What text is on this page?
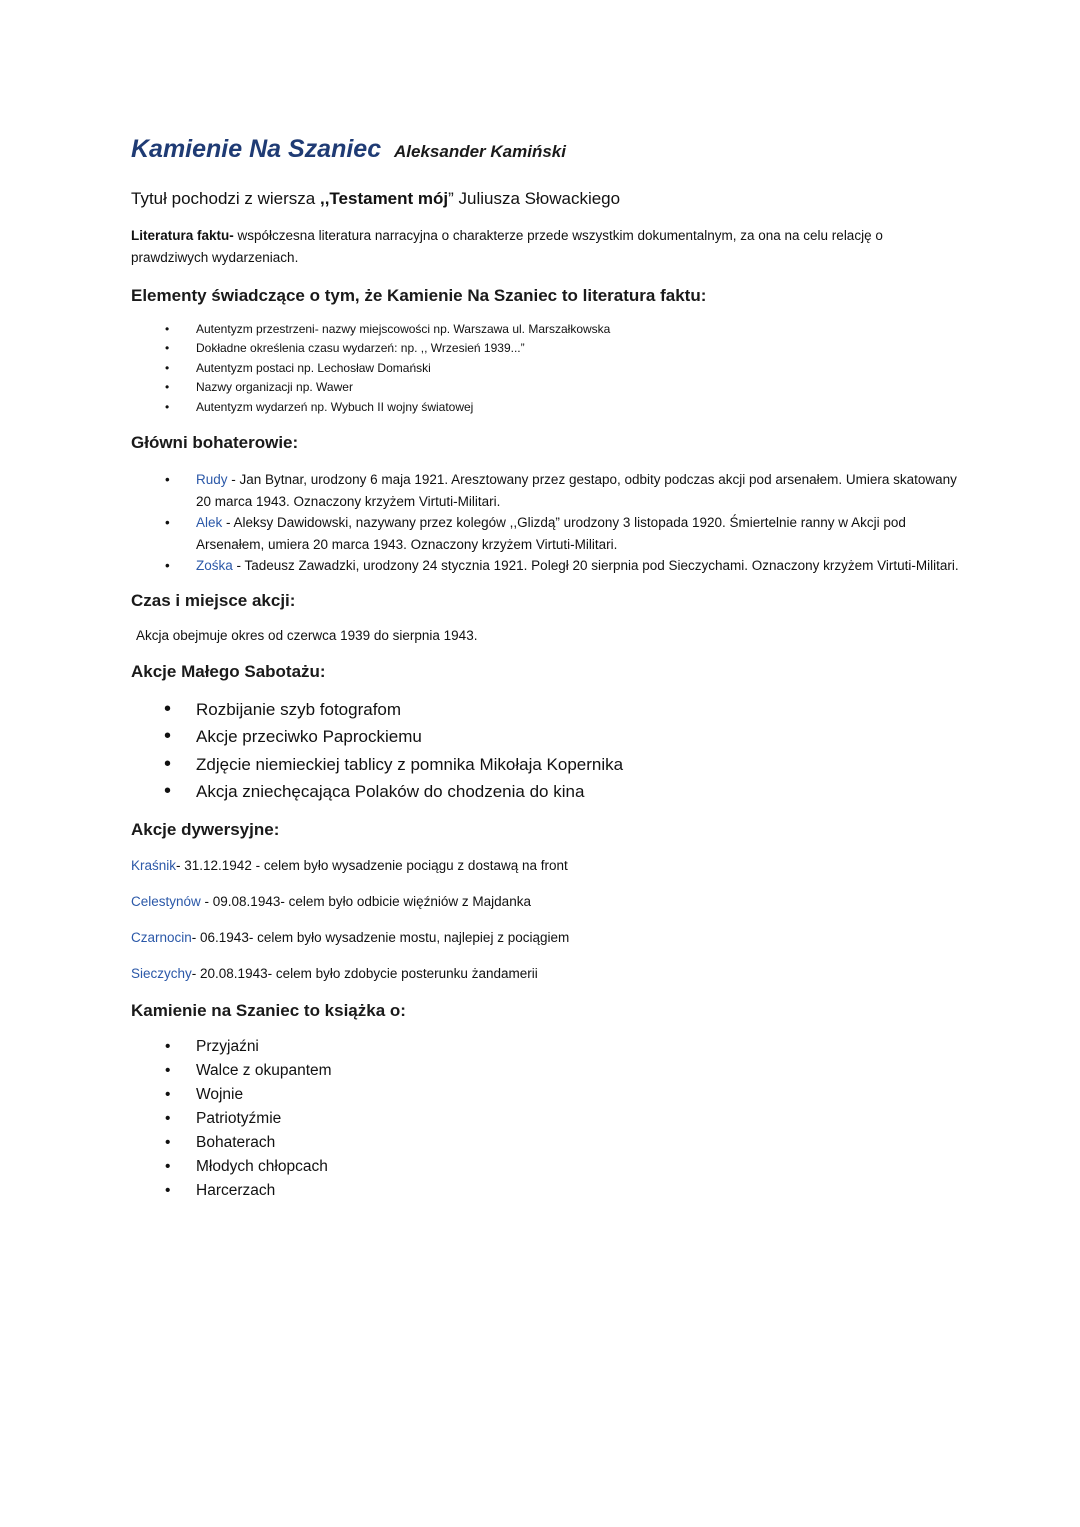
Kamienie Na Szaniec Aleksander Kamiński
Tytuł pochodzi z wiersza ,,Testament mój” Juliusza Słowackiego
Literatura faktu- współczesna literatura narracyjna o charakterze przede wszystkim dokumentalnym, za ona na celu relację o prawdziwych wydarzeniach.
Elementy świadczące o tym, że Kamienie Na Szaniec to literatura faktu:
• Autentyzm przestrzeni- nazwy miejscowości np. Warszawa ul. Marszałkowska
• Dokładne określenia czasu wydarzeń: np. ,, Wrzesień 1939...”
• Autentyzm postaci np. Lechosław Domański
• Nazwy organizacji np. Wawer
• Autentyzm wydarzeń np. Wybuch II wojny światowej
Główni bohaterowie:
• Rudy - Jan Bytnar, urodzony 6 maja 1921. Aresztowany przez gestapo, odbity podczas akcji pod arsenałem. Umiera skatowany 20 marca 1943. Oznaczony krzyżem Virtuti-Militari.
• Alek - Aleksy Dawidowski, nazywany przez kolegów ,,Glizdą” urodzony 3 listopada 1920. Śmiertelnie ranny w Akcji pod Arsenałem, umiera 20 marca 1943. Oznaczony krzyżem Virtuti-Militari.
• Zośka - Tadeusz Zawadzki, urodzony 24 stycznia 1921. Poległ 20 sierpnia pod Sieczychami. Oznaczony krzyżem Virtuti-Militari.
Czas i miejsce akcji:
Akcja obejmuje okres od czerwca 1939 do sierpnia 1943.
Akcje Małego Sabotażu:
• Rozbijanie szyb fotografom
• Akcje przeciwko Paprockiemu
• Zdjęcie niemieckiej tablicy z pomnika Mikołaja Kopernika
• Akcja zniechęcająca Polaków do chodzenia do kina
Akcje dywersyjne:
Kraśnik- 31.12.1942 - celem było wysadzenie pociągu z dostawą na front
Celestynów - 09.08.1943- celem było odbicie więźniów z Majdanka
Czarnocin- 06.1943- celem było wysadzenie mostu, najlepiej z pociągiem
Sieczychy- 20.08.1943- celem było zdobycie posterunku żandamerii
Kamienie na Szaniec to książka o:
• Przyjaźni
• Walce z okupantem
• Wojnie
• Patriotyźmie
• Bohaterach
• Młodych chłopcach
• Harcerzach
